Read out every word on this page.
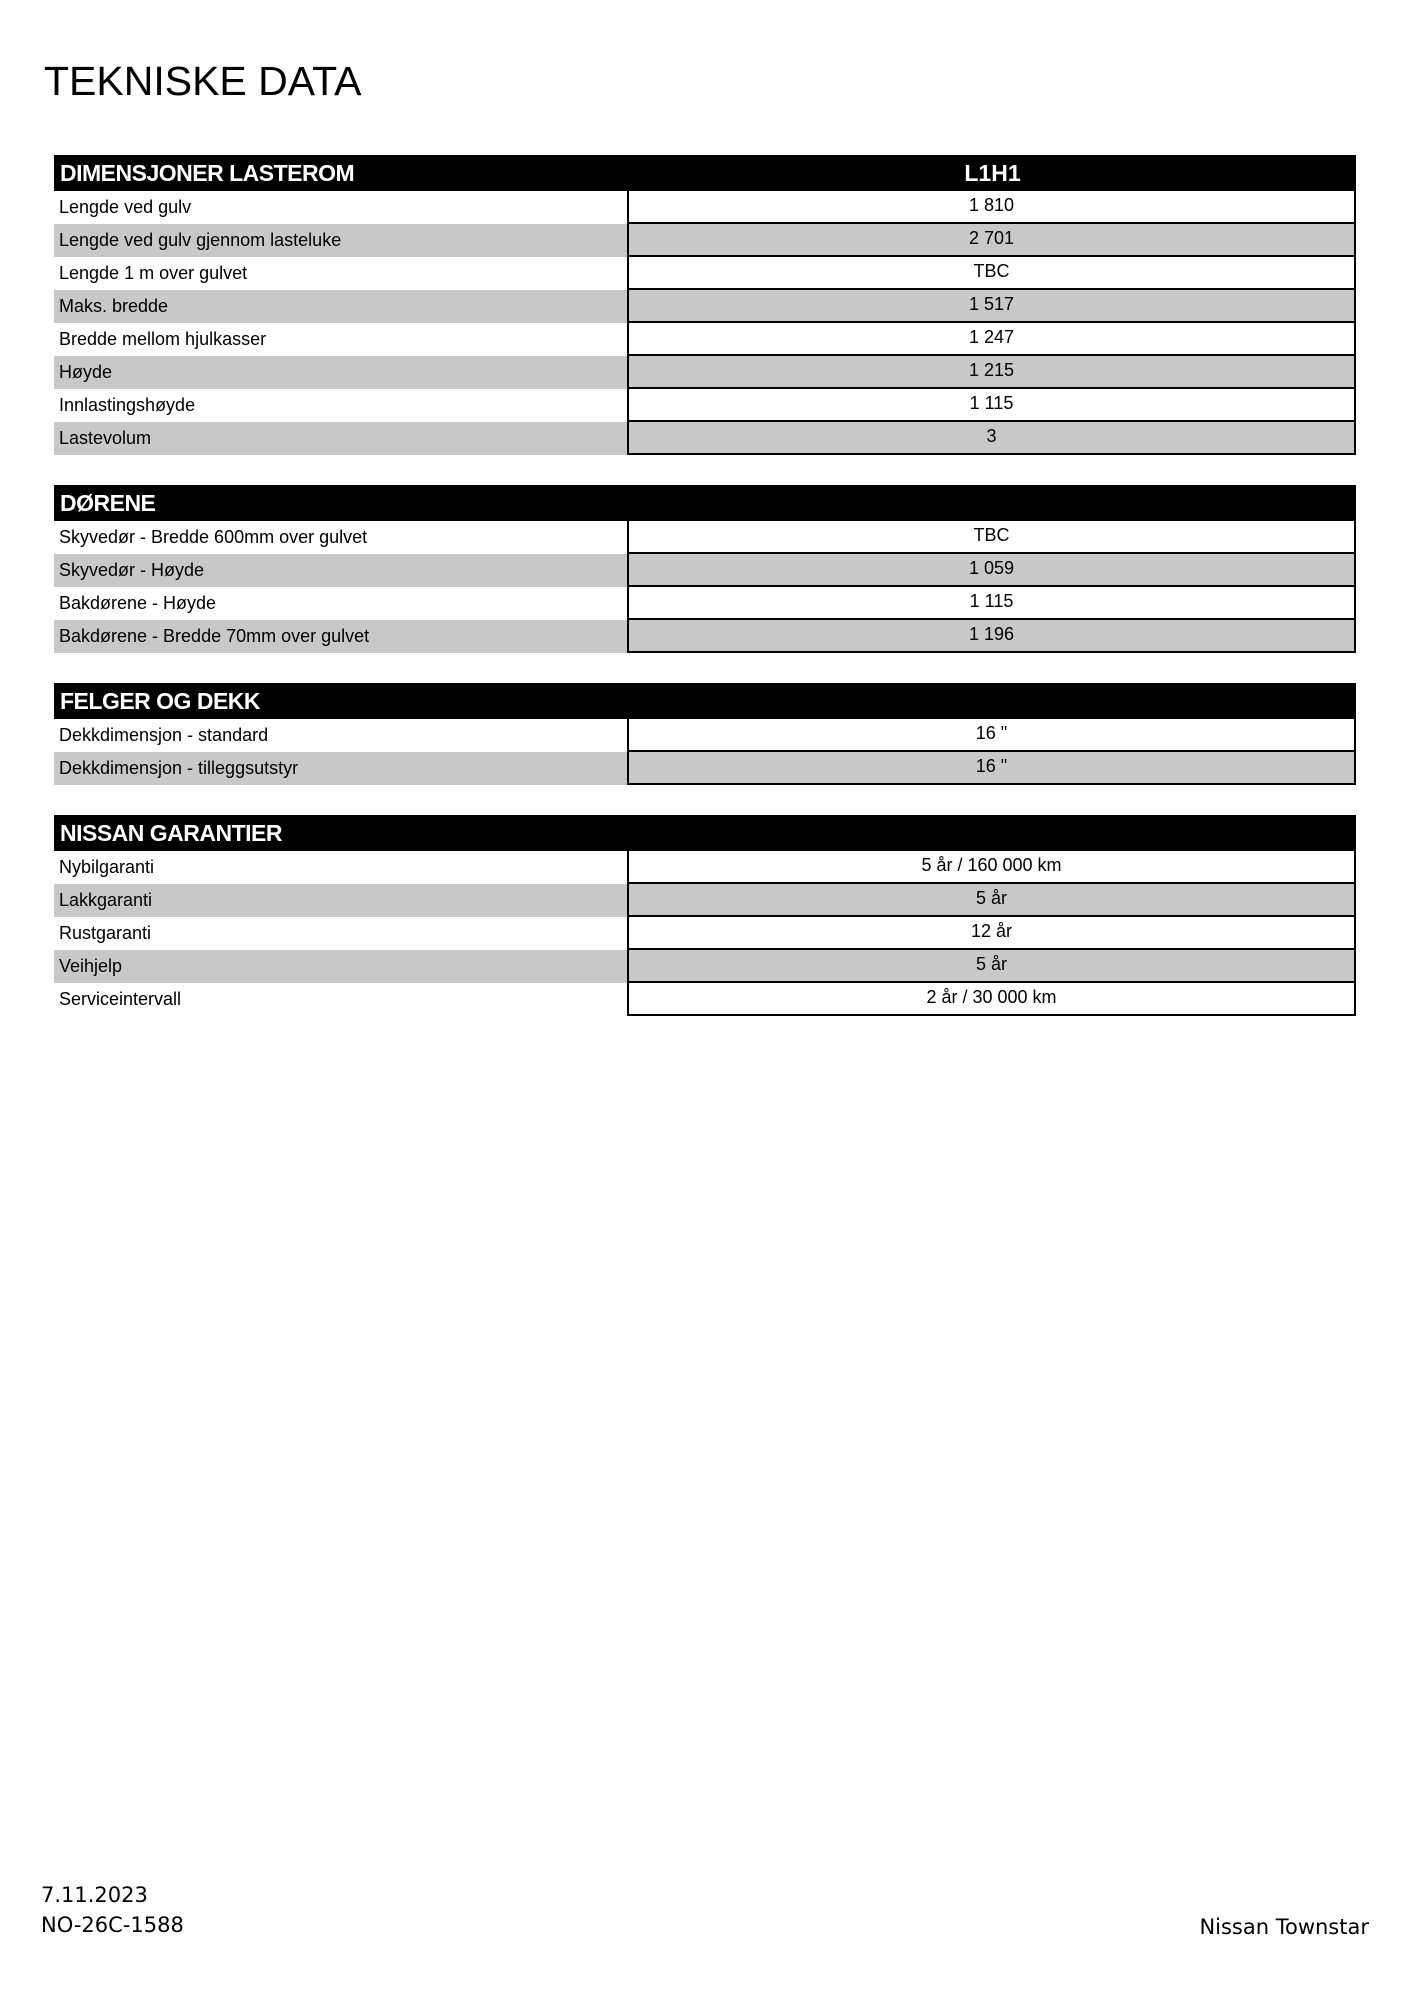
TEKNISKE DATA
DIMENSJONER LASTEROM	L1H1
Lengde ved gulv	1 810
Lengde ved gulv gjennom lasteluke	2 701
Lengde 1 m over gulvet	TBC
Maks. bredde	1 517
Bredde mellom hjulkasser	1 247
Høyde	1 215
Innlastingshøyde	1 115
Lastevolum	3
DØRENE
Skyvedør - Bredde 600mm over gulvet	TBC
Skyvedør - Høyde	1 059
Bakdørene - Høyde	1 115
Bakdørene - Bredde 70mm over gulvet	1 196
FELGER OG DEKK
Dekkdimensjon - standard	16 "
Dekkdimensjon - tilleggsutstyr	16 "
NISSAN GARANTIER
Nybilgaranti	5 år / 160 000 km
Lakkgaranti	5 år
Rustgaranti	12 år
Veihjelp	5 år
Serviceintervall	2 år / 30 000 km
7.11.2023
NO-26C-1588	Nissan Townstar
